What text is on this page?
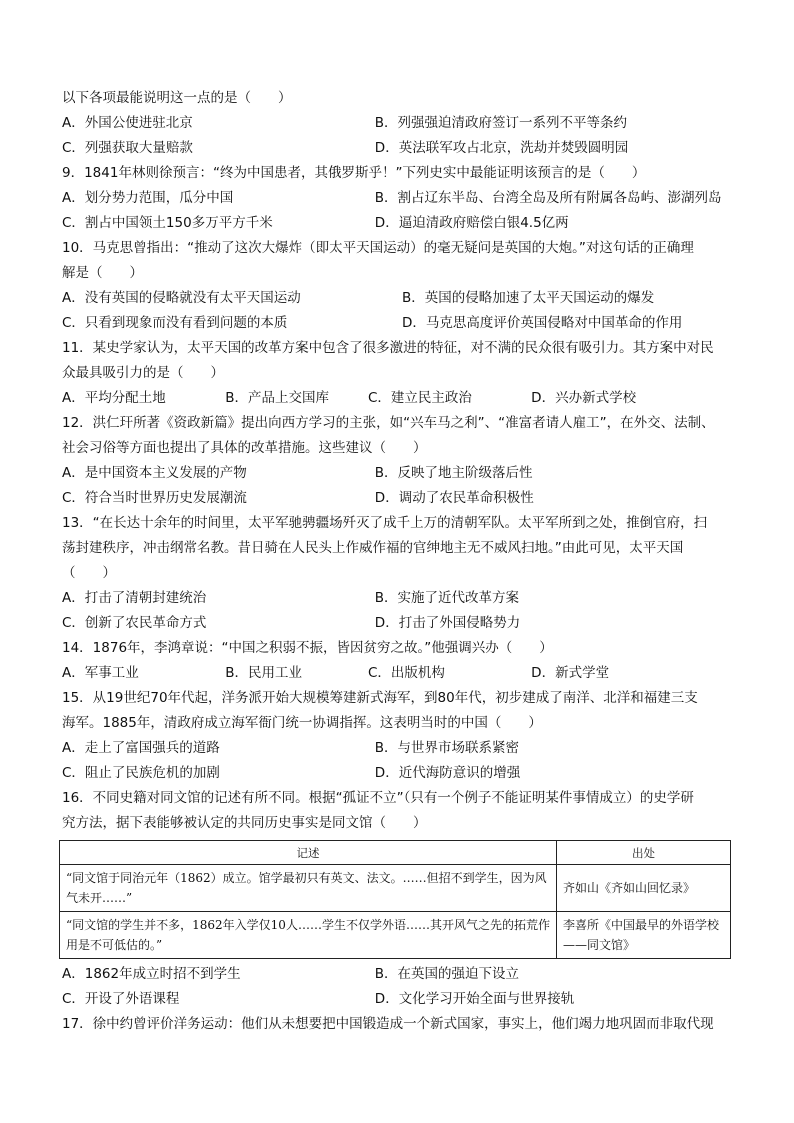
以下各项最能说明这一点的是（　　）
A．外国公使进驻北京	B．列强强迫清政府签订一系列不平等条约
C．列强获取大量赔款	D．英法联军攻占北京，洗劫并焚毁圆明园
9．1841年林则徐预言：“终为中国患者，其俄罗斯乎！”下列史实中最能证明该预言的是（　　）
A．划分势力范围，瓜分中国	B．割占辽东半岛、台湾全岛及所有附属各岛屿、澎湖列岛
C．割占中国领土150多万平方千米	D．逼迫清政府赔偿白银4.5亿两
10．马克思曾指出：“推动了这次大爆炸（即太平天国运动）的毫无疑问是英国的大炮。”对这句话的正确理
解是（　　）
A．没有英国的侵略就没有太平天国运动	B．英国的侵略加速了太平天国运动的爆发
C．只看到现象而没有看到问题的本质	D．马克思高度评价英国侵略对中国革命的作用
11．某史学家认为，太平天国的改革方案中包含了很多激进的特征，对不满的民众很有吸引力。其方案中对民
众最具吸引力的是（　　）
A．平均分配土地	B．产品上交国库	C．建立民主政治	D．兴办新式学校
12．洪仁玕所著《资政新篇》提出向西方学习的主张，如“兴车马之利”、“准富者请人雇工”，在外交、法制、
社会习俗等方面也提出了具体的改革措施。这些建议（　　）
A．是中国资本主义发展的产物	B．反映了地主阶级落后性
C．符合当时世界历史发展潮流	D．调动了农民革命积极性
13．“在长达十余年的时间里，太平军驰骋疆场歼灭了成千上万的清朝军队。太平军所到之处，推倒官府，扫
荡封建秩序，冲击纲常名教。昔日骑在人民头上作威作福的官绅地主无不威风扫地。”由此可见，太平天国
（　　）
A．打击了清朝封建统治	B．实施了近代改革方案
C．创新了农民革命方式	D．打击了外国侵略势力
14．1876年，李鸿章说：“中国之积弱不振，皆因贫穷之故。”他强调兴办（　　）
A．军事工业	B．民用工业	C．出版机构	D．新式学堂
15．从19世纪70年代起，洋务派开始大规模筹建新式海军，到80年代，初步建成了南洋、北洋和福建三支
海军。1885年，清政府成立海军衙门统一协调指挥。这表明当时的中国（　　）
A．走上了富国强兵的道路	B．与世界市场联系紧密
C．阻止了民族危机的加剧	D．近代海防意识的增强
16．不同史籍对同文馆的记述有所不同。根据“孤证不立”（只有一个例子不能证明某件事情成立）的史学研
究方法，据下表能够被认定的共同历史事实是同文馆（　　）
记述	出处
“同文馆于同治元年（1862）成立。馆学最初只有英文、法文。……但招不到学生，因为风气未开……”	齐如山《齐如山回忆录》
“同文馆的学生并不多，1862年入学仅10人……学生不仅学外语……其开风气之先的拓荒作用是不可低估的。”	李喜所《中国最早的外语学校——同文馆》
A．1862年成立时招不到学生	B．在英国的强迫下设立
C．开设了外语课程	D．文化学习开始全面与世界接轨
17．徐中约曾评价洋务运动：他们从未想要把中国锻造成一个新式国家，事实上，他们竭力地巩固而非取代现
